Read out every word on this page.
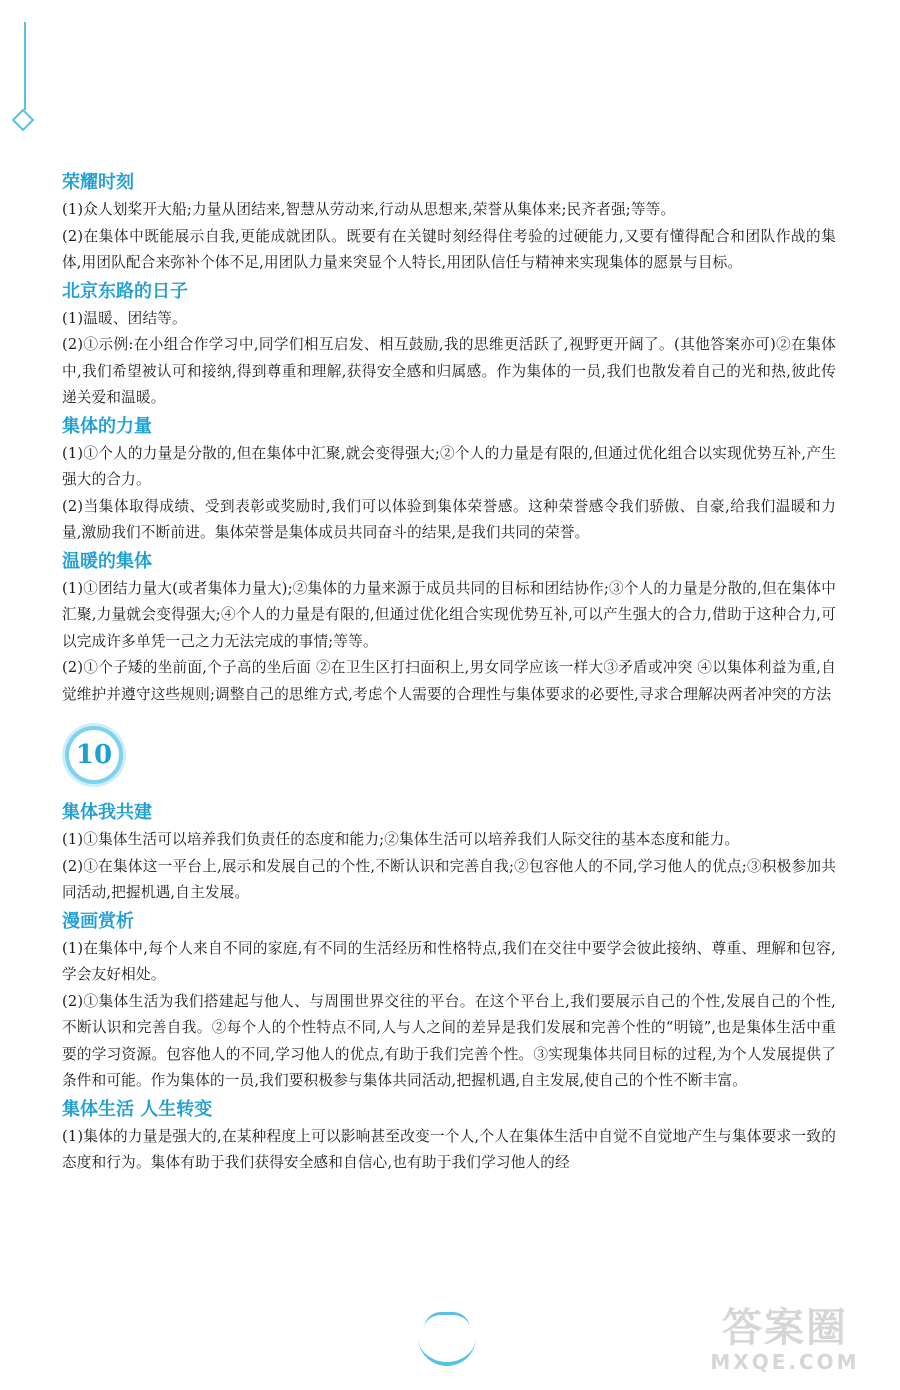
荣耀时刻

(1)众人划桨开大船;力量从团结来,智慧从劳动来,行动从思想来,荣誉从集体来;民齐者强;等等。

(2)在集体中既能展示自我,更能成就团队。既要有在关键时刻经得住考验的过硬能力,又要有懂得配合和团队作战的集体,用团队配合来弥补个体不足,用团队力量来突显个人特长,用团队信任与精神来实现集体的愿景与目标。

北京东路的日子

(1)温暖、团结等。

(2)①示例:在小组合作学习中,同学们相互启发、相互鼓励,我的思维更活跃了,视野更开阔了。(其他答案亦可)②在集体中,我们希望被认可和接纳,得到尊重和理解,获得安全感和归属感。作为集体的一员,我们也散发着自己的光和热,彼此传递关爱和温暖。

集体的力量

(1)①个人的力量是分散的,但在集体中汇聚,就会变得强大;②个人的力量是有限的,但通过优化组合以实现优势互补,产生强大的合力。

(2)当集体取得成绩、受到表彰或奖励时,我们可以体验到集体荣誉感。这种荣誉感令我们骄傲、自豪,给我们温暖和力量,激励我们不断前进。集体荣誉是集体成员共同奋斗的结果,是我们共同的荣誉。

温暖的集体

(1)①团结力量大(或者集体力量大);②集体的力量来源于成员共同的目标和团结协作;③个人的力量是分散的,但在集体中汇聚,力量就会变得强大;④个人的力量是有限的,但通过优化组合实现优势互补,可以产生强大的合力,借助于这种合力,可以完成许多单凭一己之力无法完成的事情;等等。

(2)①个子矮的坐前面,个子高的坐后面 ②在卫生区打扫面积上,男女同学应该一样大③矛盾或冲突 ④以集体利益为重,自觉维护并遵守这些规则;调整自己的思维方式,考虑个人需要的合理性与集体要求的必要性,寻求合理解决两者冲突的方法

10
集体我共建

(1)①集体生活可以培养我们负责任的态度和能力;②集体生活可以培养我们人际交往的基本态度和能力。

(2)①在集体这一平台上,展示和发展自己的个性,不断认识和完善自我;②包容他人的不同,学习他人的优点;③积极参加共同活动,把握机遇,自主发展。

漫画赏析

(1)在集体中,每个人来自不同的家庭,有不同的生活经历和性格特点,我们在交往中要学会彼此接纳、尊重、理解和包容,学会友好相处。

(2)①集体生活为我们搭建起与他人、与周围世界交往的平台。在这个平台上,我们要展示自己的个性,发展自己的个性,不断认识和完善自我。②每个人的个性特点不同,人与人之间的差异是我们发展和完善个性的“明镜”,也是集体生活中重要的学习资源。包容他人的不同,学习他人的优点,有助于我们完善个性。③实现集体共同目标的过程,为个人发展提供了条件和可能。作为集体的一员,我们要积极参与集体共同活动,把握机遇,自主发展,使自己的个性不断丰富。

集体生活 人生转变

(1)集体的力量是强大的,在某种程度上可以影响甚至改变一个人,个人在集体生活中自觉不自觉地产生与集体要求一致的态度和行为。集体有助于我们获得安全感和自信心,也有助于我们学习他人的经

答案圈
MXQE.COM
